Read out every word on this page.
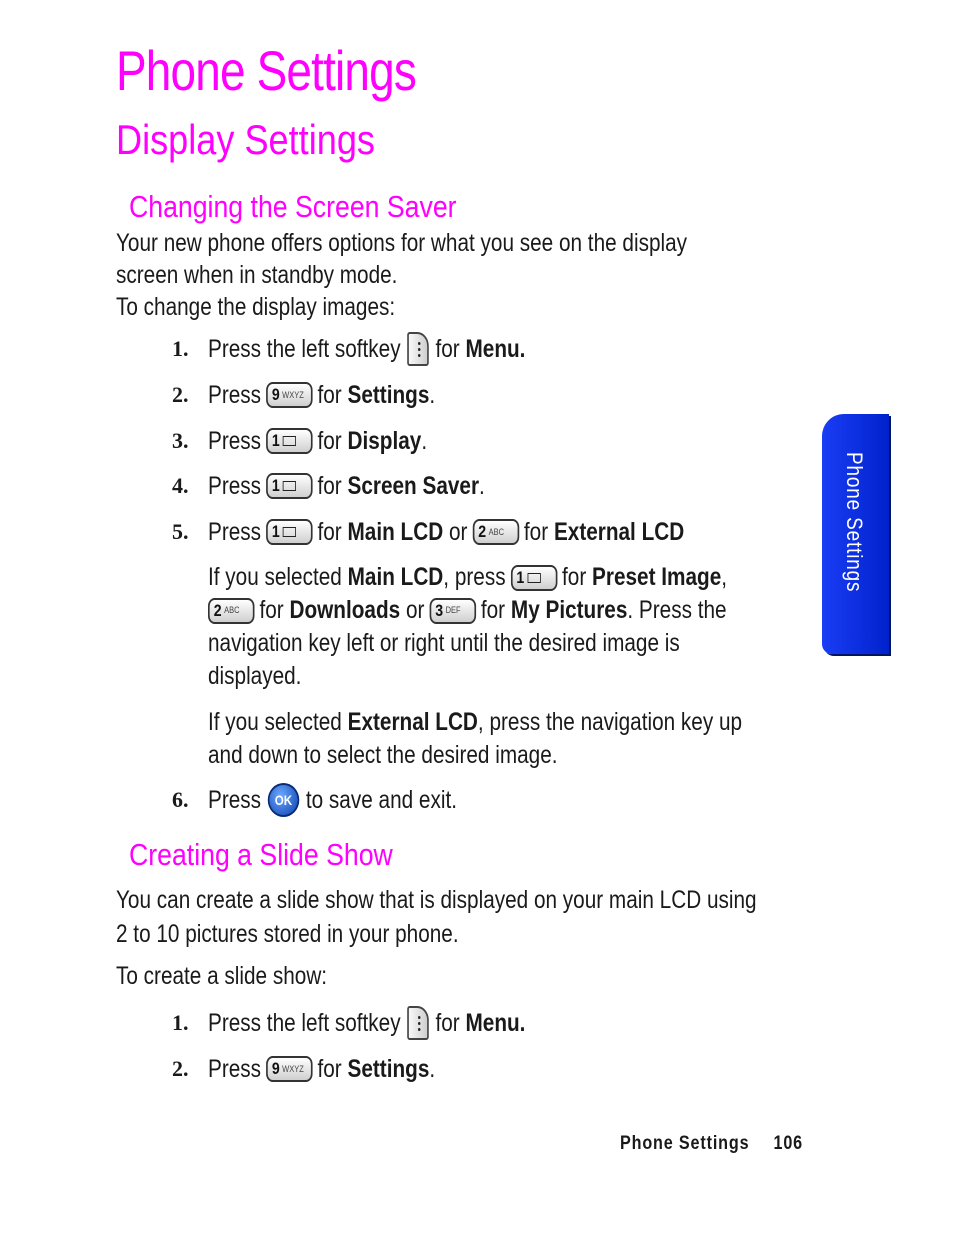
Phone Settings
Display Settings
Changing the Screen Saver
Your new phone offers options for what you see on the display
screen when in standby mode.
To change the display images:
1. Press the left softkey for Menu.
2. Press 9 WXYZ for Settings .
3. Press 1 for Display .
4. Press 1 for Screen Saver .
5. Press 1 for Main LCD or 2 ABC for External LCD
If you selected Main LCD , press 1 for Preset Image ,
2 ABC for Downloads or 3 DEF for My Pictures . Press the
navigation key left or right until the desired image is
displayed.
If you selected External LCD , press the navigation key up
and down to select the desired image.
6. Press OK to save and exit.
Creating a Slide Show
You can create a slide show that is displayed on your main LCD using
2 to 10 pictures stored in your phone.
To create a slide show:
1. Press the left softkey for Menu.
2. Press 9 WXYZ for Settings .
Phone Settings
Phone Settings 106
